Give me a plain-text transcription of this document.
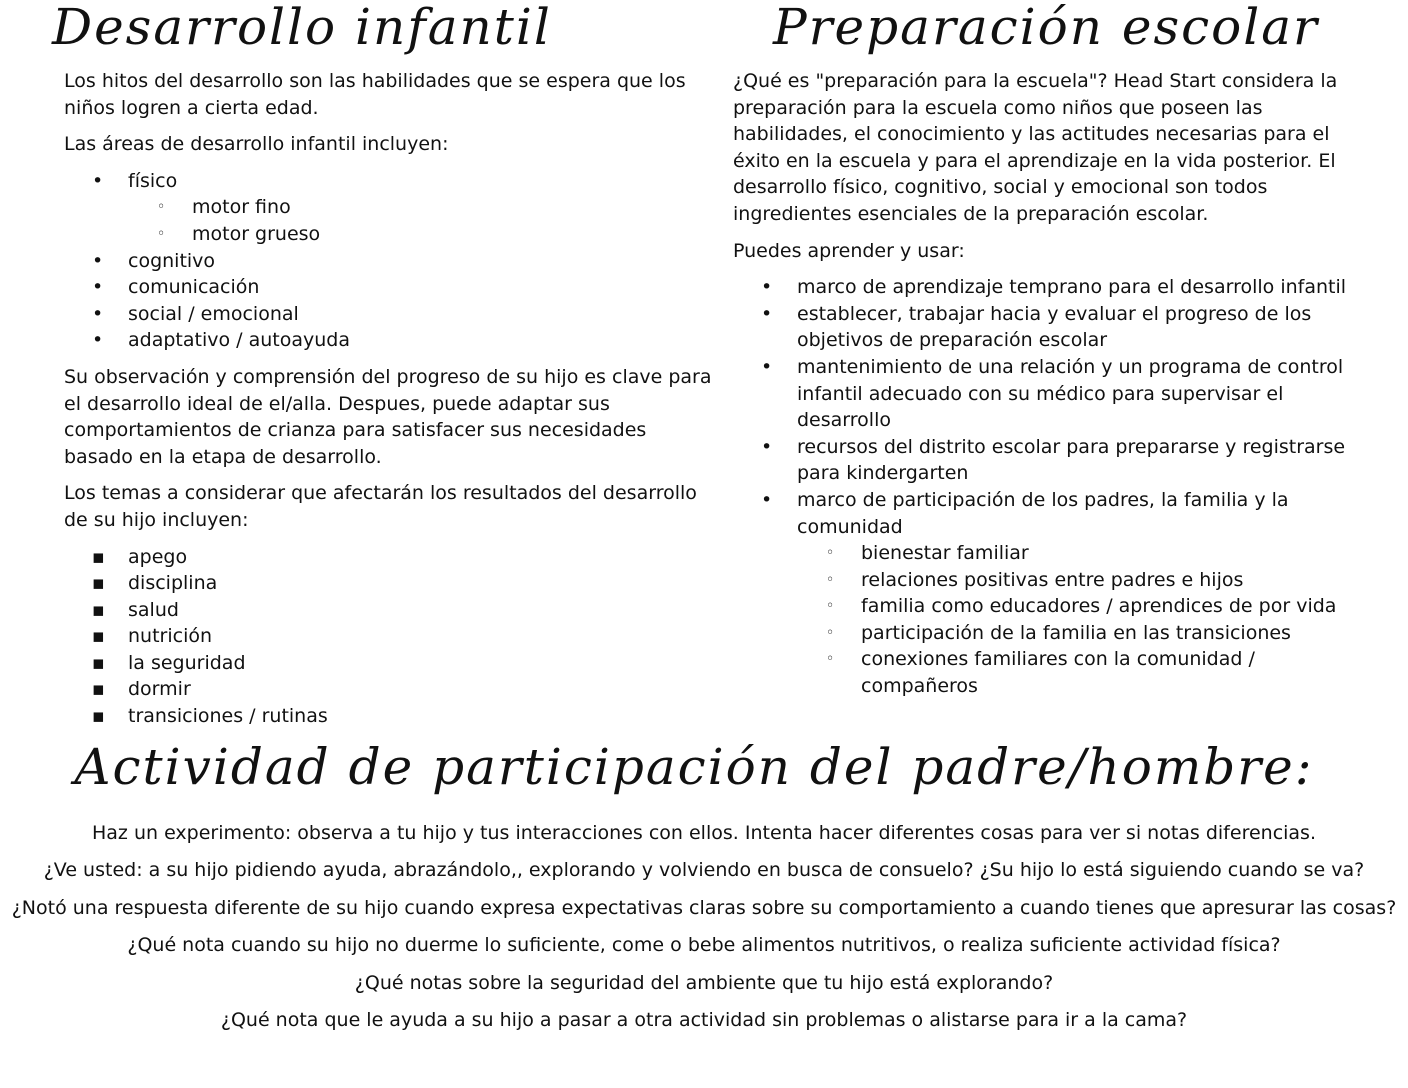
Desarrollo infantil

Los hitos del desarrollo son las habilidades que se espera que los niños logren a cierta edad.

Las áreas de desarrollo infantil incluyen:

• físico
◦ motor fino
◦ motor grueso
• cognitivo
• comunicación
• social / emocional
• adaptativo / autoayuda

Su observación y comprensión del progreso de su hijo es clave para el desarrollo ideal de el/alla. Despues, puede adaptar sus comportamientos de crianza para satisfacer sus necesidades basado en la etapa de desarrollo.

Los temas a considerar que afectarán los resultados del desarrollo de su hijo incluyen:

▪ apego
▪ disciplina
▪ salud
▪ nutrición
▪ la seguridad
▪ dormir
▪ transiciones / rutinas
Preparación escolar

¿Qué es "preparación para la escuela"? Head Start considera la preparación para la escuela como niños que poseen las habilidades, el conocimiento y las actitudes necesarias para el éxito en la escuela y para el aprendizaje en la vida posterior. El desarrollo físico, cognitivo, social y emocional son todos ingredientes esenciales de la preparación escolar.

Puedes aprender y usar:

• marco de aprendizaje temprano para el desarrollo infantil
• establecer, trabajar hacia y evaluar el progreso de los objetivos de preparación escolar
• mantenimiento de una relación y un programa de control infantil adecuado con su médico para supervisar el desarrollo
• recursos del distrito escolar para prepararse y registrarse para kindergarten
• marco de participación de los padres, la familia y la comunidad
◦ bienestar familiar
◦ relaciones positivas entre padres e hijos
◦ familia como educadores / aprendices de por vida
◦ participación de la familia en las transiciones
◦ conexiones familiares con la comunidad / compañeros
Actividad de participación del padre/hombre:

Haz un experimento: observa a tu hijo y tus interacciones con ellos. Intenta hacer diferentes cosas para ver si notas diferencias.

¿Ve usted: a su hijo pidiendo ayuda, abrazándolo,, explorando y volviendo en busca de consuelo? ¿Su hijo lo está siguiendo cuando se va?

¿Notó una respuesta diferente de su hijo cuando expresa expectativas claras sobre su comportamiento a cuando tienes que apresurar las cosas?

¿Qué nota cuando su hijo no duerme lo suficiente, come o bebe alimentos nutritivos, o realiza suficiente actividad física?

¿Qué notas sobre la seguridad del ambiente que tu hijo está explorando?

¿Qué nota que le ayuda a su hijo a pasar a otra actividad sin problemas o alistarse para ir a la cama?
